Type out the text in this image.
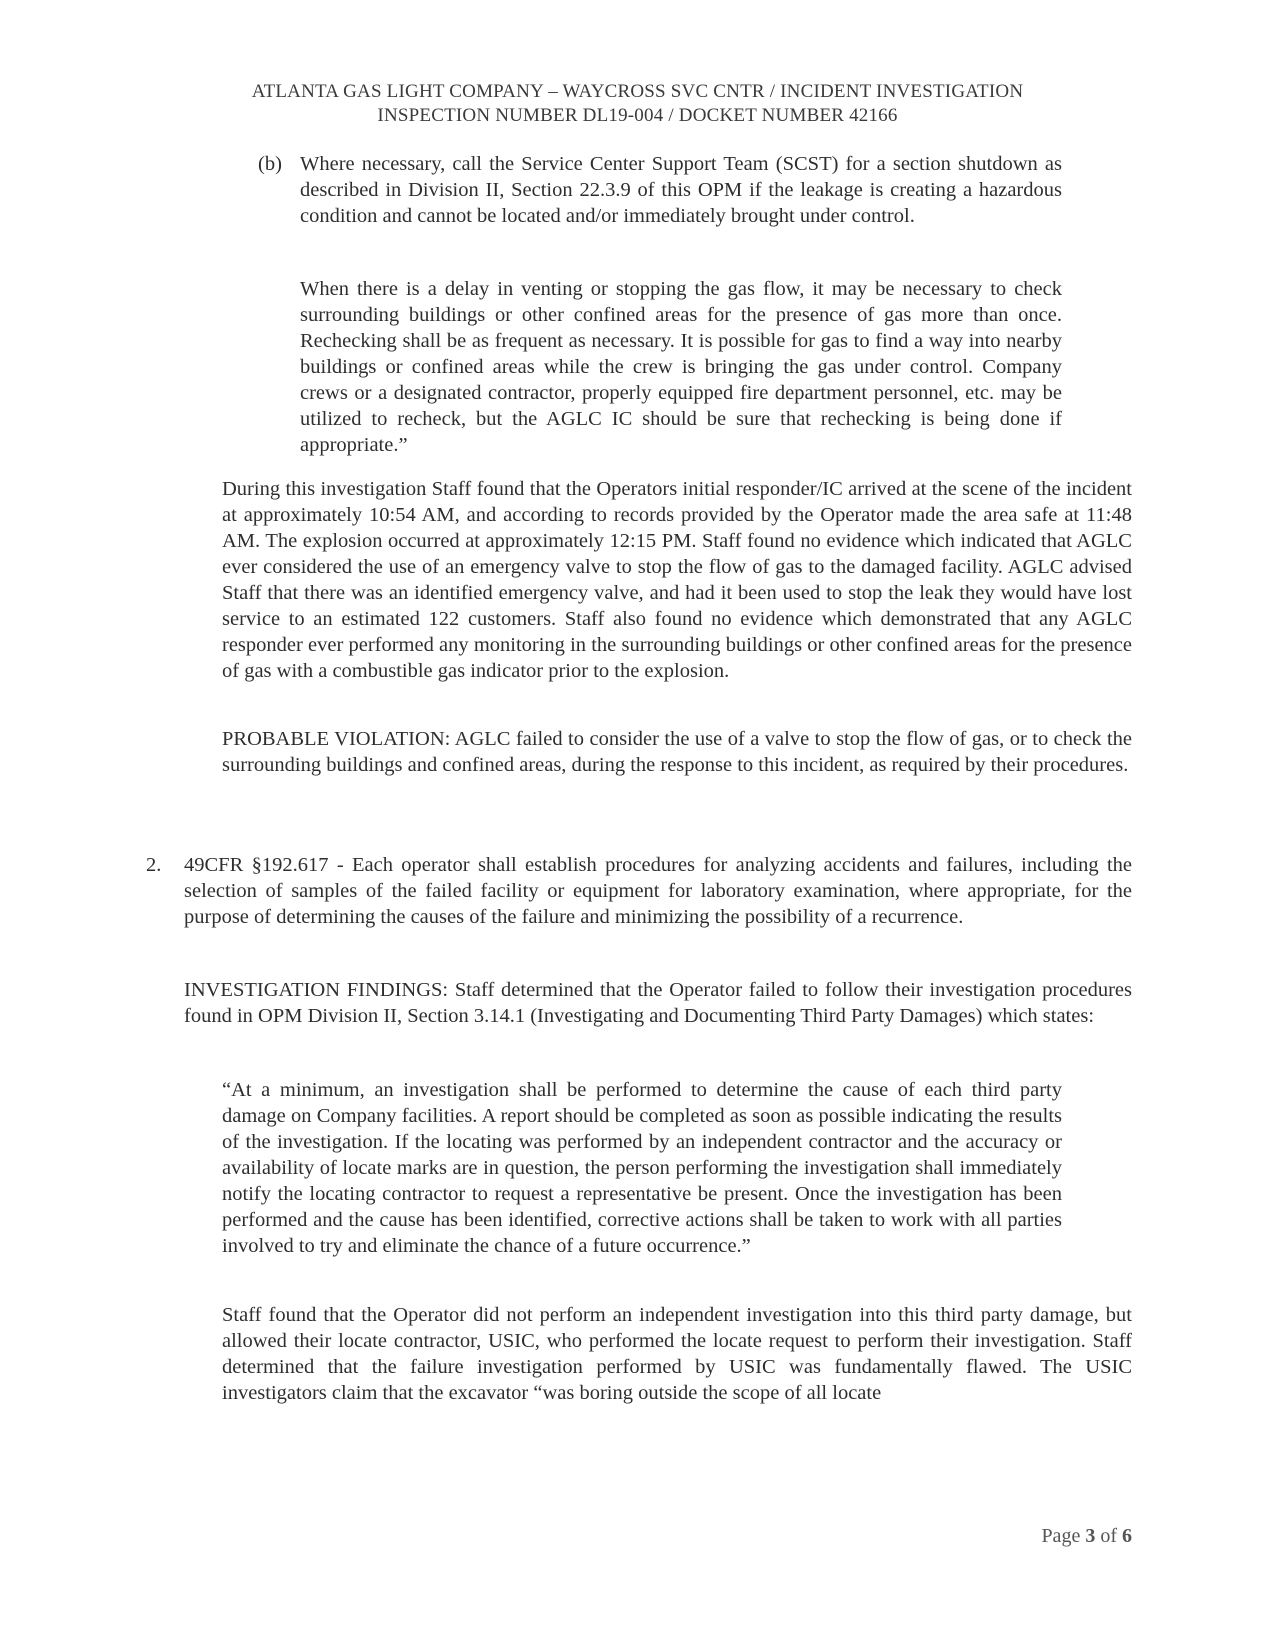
ATLANTA GAS LIGHT COMPANY – WAYCROSS SVC CNTR / INCIDENT INVESTIGATION
INSPECTION NUMBER DL19-004 / DOCKET NUMBER 42166
(b) Where necessary, call the Service Center Support Team (SCST) for a section shutdown as described in Division II, Section 22.3.9 of this OPM if the leakage is creating a hazardous condition and cannot be located and/or immediately brought under control.
When there is a delay in venting or stopping the gas flow, it may be necessary to check surrounding buildings or other confined areas for the presence of gas more than once. Rechecking shall be as frequent as necessary. It is possible for gas to find a way into nearby buildings or confined areas while the crew is bringing the gas under control. Company crews or a designated contractor, properly equipped fire department personnel, etc. may be utilized to recheck, but the AGLC IC should be sure that rechecking is being done if appropriate.”
During this investigation Staff found that the Operators initial responder/IC arrived at the scene of the incident at approximately 10:54 AM, and according to records provided by the Operator made the area safe at 11:48 AM. The explosion occurred at approximately 12:15 PM. Staff found no evidence which indicated that AGLC ever considered the use of an emergency valve to stop the flow of gas to the damaged facility. AGLC advised Staff that there was an identified emergency valve, and had it been used to stop the leak they would have lost service to an estimated 122 customers. Staff also found no evidence which demonstrated that any AGLC responder ever performed any monitoring in the surrounding buildings or other confined areas for the presence of gas with a combustible gas indicator prior to the explosion.
PROBABLE VIOLATION: AGLC failed to consider the use of a valve to stop the flow of gas, or to check the surrounding buildings and confined areas, during the response to this incident, as required by their procedures.
2. 49CFR §192.617 - Each operator shall establish procedures for analyzing accidents and failures, including the selection of samples of the failed facility or equipment for laboratory examination, where appropriate, for the purpose of determining the causes of the failure and minimizing the possibility of a recurrence.
INVESTIGATION FINDINGS: Staff determined that the Operator failed to follow their investigation procedures found in OPM Division II, Section 3.14.1 (Investigating and Documenting Third Party Damages) which states:
“At a minimum, an investigation shall be performed to determine the cause of each third party damage on Company facilities. A report should be completed as soon as possible indicating the results of the investigation. If the locating was performed by an independent contractor and the accuracy or availability of locate marks are in question, the person performing the investigation shall immediately notify the locating contractor to request a representative be present. Once the investigation has been performed and the cause has been identified, corrective actions shall be taken to work with all parties involved to try and eliminate the chance of a future occurrence.”
Staff found that the Operator did not perform an independent investigation into this third party damage, but allowed their locate contractor, USIC, who performed the locate request to perform their investigation. Staff determined that the failure investigation performed by USIC was fundamentally flawed. The USIC investigators claim that the excavator “was boring outside the scope of all locate
Page 3 of 6
